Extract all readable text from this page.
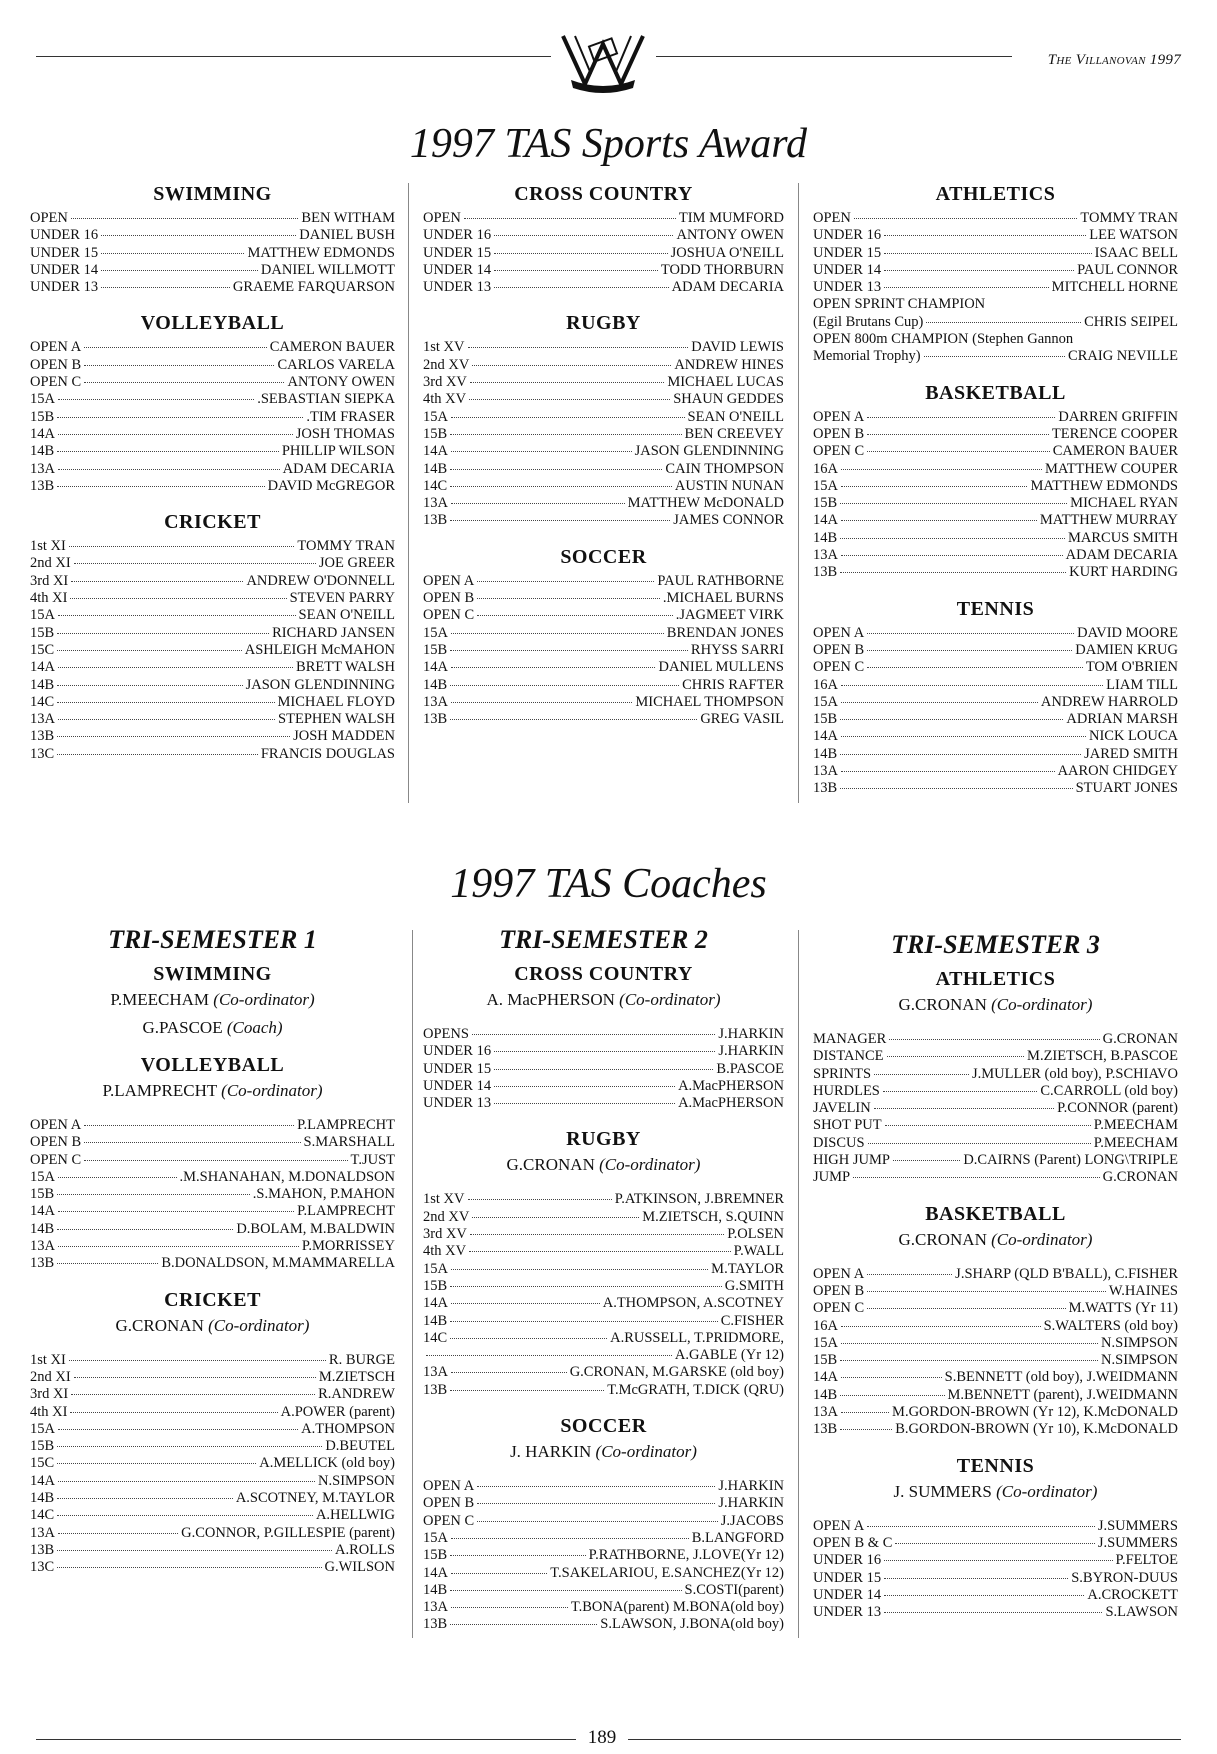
The Villanovan 1997
1997 TAS Sports Award
SWIMMING
OPEN	BEN WITHAM
UNDER 16	DANIEL BUSH
UNDER 15	MATTHEW EDMONDS
UNDER 14	DANIEL WILLMOTT
UNDER 13	GRAEME FARQUARSON
VOLLEYBALL
OPEN A	CAMERON BAUER
OPEN B	CARLOS VARELA
OPEN C	ANTONY OWEN
15A	.SEBASTIAN SIEPKA
15B	.TIM FRASER
14A	JOSH THOMAS
14B	PHILLIP WILSON
13A	ADAM DECARIA
13B	DAVID McGREGOR
CRICKET
1st XI	TOMMY TRAN
2nd XI	JOE GREER
3rd XI	ANDREW O'DONNELL
4th XI	STEVEN PARRY
15A	SEAN O'NEILL
15B	RICHARD JANSEN
15C	ASHLEIGH McMAHON
14A	BRETT WALSH
14B	JASON GLENDINNING
14C	MICHAEL FLOYD
13A	STEPHEN WALSH
13B	JOSH MADDEN
13C	FRANCIS DOUGLAS
CROSS COUNTRY
OPEN	TIM MUMFORD
UNDER 16	ANTONY OWEN
UNDER 15	JOSHUA O'NEILL
UNDER 14	TODD THORBURN
UNDER 13	ADAM DECARIA
RUGBY
1st XV	DAVID LEWIS
2nd XV	ANDREW HINES
3rd XV	MICHAEL LUCAS
4th XV	SHAUN GEDDES
15A	SEAN O'NEILL
15B	BEN CREEVEY
14A	JASON GLENDINNING
14B	CAIN THOMPSON
14C	AUSTIN NUNAN
13A	MATTHEW McDONALD
13B	JAMES CONNOR
SOCCER
OPEN A	PAUL RATHBORNE
OPEN B	.MICHAEL BURNS
OPEN C	.JAGMEET VIRK
15A	BRENDAN JONES
15B	RHYSS SARRI
14A	DANIEL MULLENS
14B	CHRIS RAFTER
13A	MICHAEL THOMPSON
13B	GREG VASIL
ATHLETICS
OPEN	TOMMY TRAN
UNDER 16	LEE WATSON
UNDER 15	ISAAC BELL
UNDER 14	PAUL CONNOR
UNDER 13	MITCHELL HORNE
OPEN SPRINT CHAMPION
(Egil Brutans Cup)	CHRIS SEIPEL
OPEN 800m CHAMPION (Stephen Gannon
Memorial Trophy)	CRAIG NEVILLE
BASKETBALL
OPEN A	DARREN GRIFFIN
OPEN B	TERENCE COOPER
OPEN C	CAMERON BAUER
16A	MATTHEW COUPER
15A	MATTHEW EDMONDS
15B	MICHAEL RYAN
14A	MATTHEW MURRAY
14B	MARCUS SMITH
13A	ADAM DECARIA
13B	KURT HARDING
TENNIS
OPEN A	DAVID MOORE
OPEN B	DAMIEN KRUG
OPEN C	TOM O'BRIEN
16A	LIAM TILL
15A	ANDREW HARROLD
15B	ADRIAN MARSH
14A	NICK LOUCA
14B	JARED SMITH
13A	AARON CHIDGEY
13B	STUART JONES
1997 TAS Coaches
TRI-SEMESTER 1
SWIMMING
P.MEECHAM (Co-ordinator)
G.PASCOE (Coach)
VOLLEYBALL
P.LAMPRECHT (Co-ordinator)
OPEN A	P.LAMPRECHT
OPEN B	S.MARSHALL
OPEN C	T.JUST
15A	.M.SHANAHAN, M.DONALDSON
15B	.S.MAHON, P.MAHON
14A	P.LAMPRECHT
14B	D.BOLAM, M.BALDWIN
13A	P.MORRISSEY
13B	B.DONALDSON, M.MAMMARELLA
CRICKET
G.CRONAN (Co-ordinator)
1st XI	R. BURGE
2nd XI	M.ZIETSCH
3rd XI	R.ANDREW
4th XI	A.POWER (parent)
15A	A.THOMPSON
15B	D.BEUTEL
15C	A.MELLICK (old boy)
14A	N.SIMPSON
14B	A.SCOTNEY, M.TAYLOR
14C	A.HELLWIG
13A	G.CONNOR, P.GILLESPIE (parent)
13B	A.ROLLS
13C	G.WILSON
TRI-SEMESTER 2
CROSS COUNTRY
A. MacPHERSON (Co-ordinator)
OPENS	J.HARKIN
UNDER 16	J.HARKIN
UNDER 15	B.PASCOE
UNDER 14	A.MacPHERSON
UNDER 13	A.MacPHERSON
RUGBY
G.CRONAN (Co-ordinator)
1st XV	P.ATKINSON, J.BREMNER
2nd XV	M.ZIETSCH, S.QUINN
3rd XV	P.OLSEN
4th XV	P.WALL
15A	M.TAYLOR
15B	G.SMITH
14A	A.THOMPSON, A.SCOTNEY
14B	C.FISHER
14C	A.RUSSELL, T.PRIDMORE,
A.GABLE (Yr 12)
13A	G.CRONAN, M.GARSKE (old boy)
13B	T.McGRATH, T.DICK (QRU)
SOCCER
J. HARKIN (Co-ordinator)
OPEN A	J.HARKIN
OPEN B	J.HARKIN
OPEN C	J.JACOBS
15A	B.LANGFORD
15B	P.RATHBORNE, J.LOVE(Yr 12)
14A	T.SAKELARIOU, E.SANCHEZ(Yr 12)
14B	S.COSTI(parent)
13A	T.BONA(parent) M.BONA(old boy)
13B	S.LAWSON, J.BONA(old boy)
TRI-SEMESTER 3
ATHLETICS
G.CRONAN (Co-ordinator)
MANAGER	G.CRONAN
DISTANCE	M.ZIETSCH, B.PASCOE
SPRINTS	J.MULLER (old boy), P.SCHIAVO
HURDLES	C.CARROLL (old boy)
JAVELIN	P.CONNOR (parent)
SHOT PUT	P.MEECHAM
DISCUS	P.MEECHAM
HIGH JUMP	D.CAIRNS (Parent) LONG\TRIPLE
JUMP	G.CRONAN
BASKETBALL
G.CRONAN (Co-ordinator)
OPEN A	J.SHARP (QLD B'BALL), C.FISHER
OPEN B	W.HAINES
OPEN C	M.WATTS (Yr 11)
16A	S.WALTERS (old boy)
15A	N.SIMPSON
15B	N.SIMPSON
14A	S.BENNETT (old boy), J.WEIDMANN
14B	M.BENNETT (parent), J.WEIDMANN
13A	M.GORDON-BROWN (Yr 12), K.McDONALD
13B	B.GORDON-BROWN (Yr 10), K.McDONALD
TENNIS
J. SUMMERS (Co-ordinator)
OPEN A	J.SUMMERS
OPEN B & C	J.SUMMERS
UNDER 16	P.FELTOE
UNDER 15	S.BYRON-DUUS
UNDER 14	A.CROCKETT
UNDER 13	S.LAWSON
189
